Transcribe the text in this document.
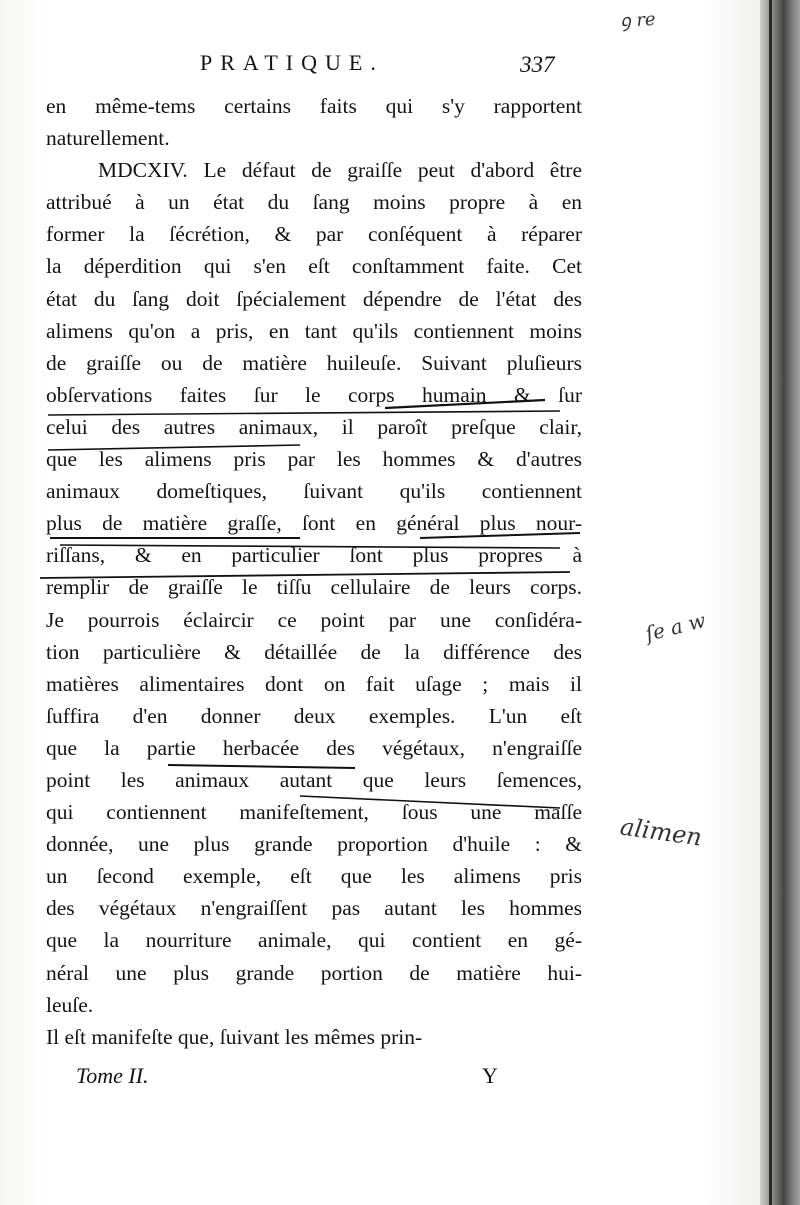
PRATIQUE.	337
en même-tems certains faits qui s'y rapportent
naturellement.
MDCXIV. Le défaut de graiſſe peut d'abord être
attribué à un état du ſang moins propre à en
former la ſécrétion, & par conſéquent à réparer
la déperdition qui s'en eſt conſtamment faite. Cet
état du ſang doit ſpécialement dépendre de l'état des
alimens qu'on a pris, en tant qu'ils contiennent moins
de graiſſe ou de matière huileuſe. Suivant pluſieurs
obſervations faites ſur le corps humain & ſur
celui des autres animaux, il paroît preſque clair,
que les alimens pris par les hommes & d'autres
animaux domeſtiques, ſuivant qu'ils contiennent
plus de matière graſſe, ſont en général plus nour-
riſſans, & en particulier ſont plus propres à
remplir de graiſſe le tiſſu cellulaire de leurs corps.
Je pourrois éclaircir ce point par une conſidéra-
tion particulière & détaillée de la différence des
matières alimentaires dont on fait uſage ; mais il
ſuffira d'en donner deux exemples. L'un eſt
que la partie herbacée des végétaux, n'engraiſſe
point les animaux autant que leurs ſemences,
qui contiennent manifeſtement, ſous une maſſe
donnée, une plus grande proportion d'huile : &
un ſecond exemple, eſt que les alimens pris
des végétaux n'engraiſſent pas autant les hommes
que la nourriture animale, qui contient en gé-
néral une plus grande portion de matière hui-
leuſe.
Il eſt manifeſte que, ſuivant les mêmes prin-
Tome II.	Y
ꝯ re
ſe a w
alimen
